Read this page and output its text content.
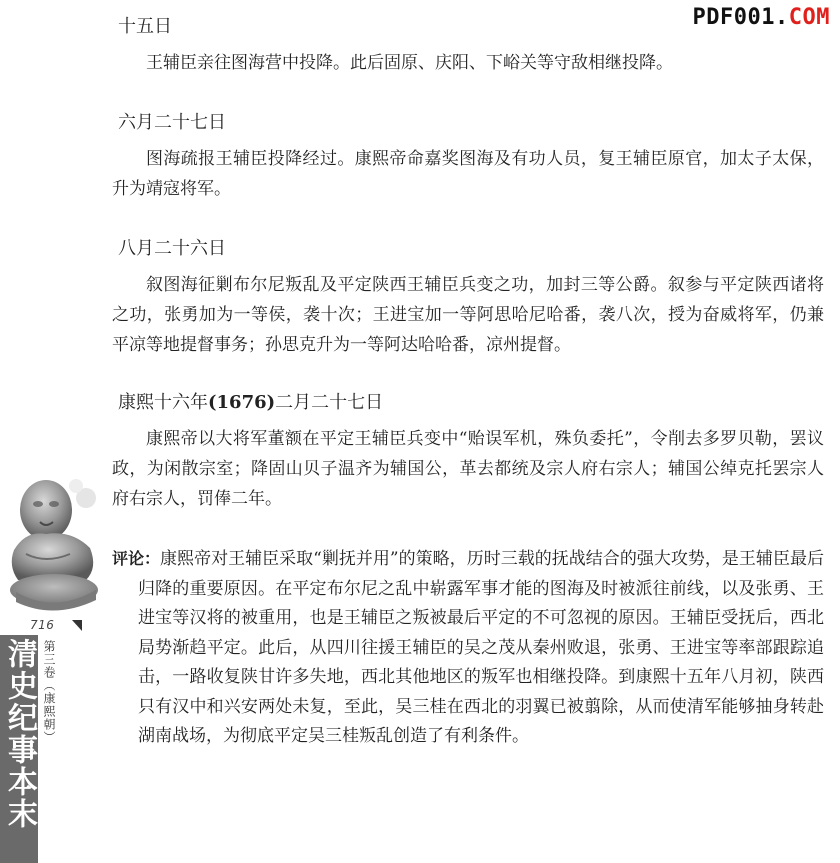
PDF001.COM
716
清史纪事本末 第三卷（康熙朝）

十五日

王辅臣亲往图海营中投降。此后固原、庆阳、下峪关等守敌相继投降。

六月二十七日

图海疏报王辅臣投降经过。康熙帝命嘉奖图海及有功人员，复王辅臣原官，加太子太保，升为靖寇将军。

八月二十六日

叙图海征剿布尔尼叛乱及平定陕西王辅臣兵变之功，加封三等公爵。叙参与平定陕西诸将之功，张勇加为一等侯，袭十次；王进宝加一等阿思哈尼哈番，袭八次，授为奋威将军，仍兼平凉等地提督事务；孙思克升为一等阿达哈哈番，凉州提督。

康熙十六年(1676)二月二十七日

康熙帝以大将军董额在平定王辅臣兵变中“贻误军机，殊负委托”，令削去多罗贝勒，罢议政，为闲散宗室；降固山贝子温齐为辅国公，革去都统及宗人府右宗人；辅国公绰克托罢宗人府右宗人，罚俸二年。

评论：康熙帝对王辅臣采取“剿抚并用”的策略，历时三载的抚战结合的强大攻势，是王辅臣最后归降的重要原因。在平定布尔尼之乱中崭露军事才能的图海及时被派往前线，以及张勇、王进宝等汉将的被重用，也是王辅臣之叛被最后平定的不可忽视的原因。王辅臣受抚后，西北局势渐趋平定。此后，从四川往援王辅臣的吴之茂从秦州败退，张勇、王进宝等率部跟踪追击，一路收复陕甘许多失地，西北其他地区的叛军也相继投降。到康熙十五年八月初，陕西只有汉中和兴安两处未复，至此，吴三桂在西北的羽翼已被翦除，从而使清军能够抽身转赴湖南战场，为彻底平定吴三桂叛乱创造了有利条件。
